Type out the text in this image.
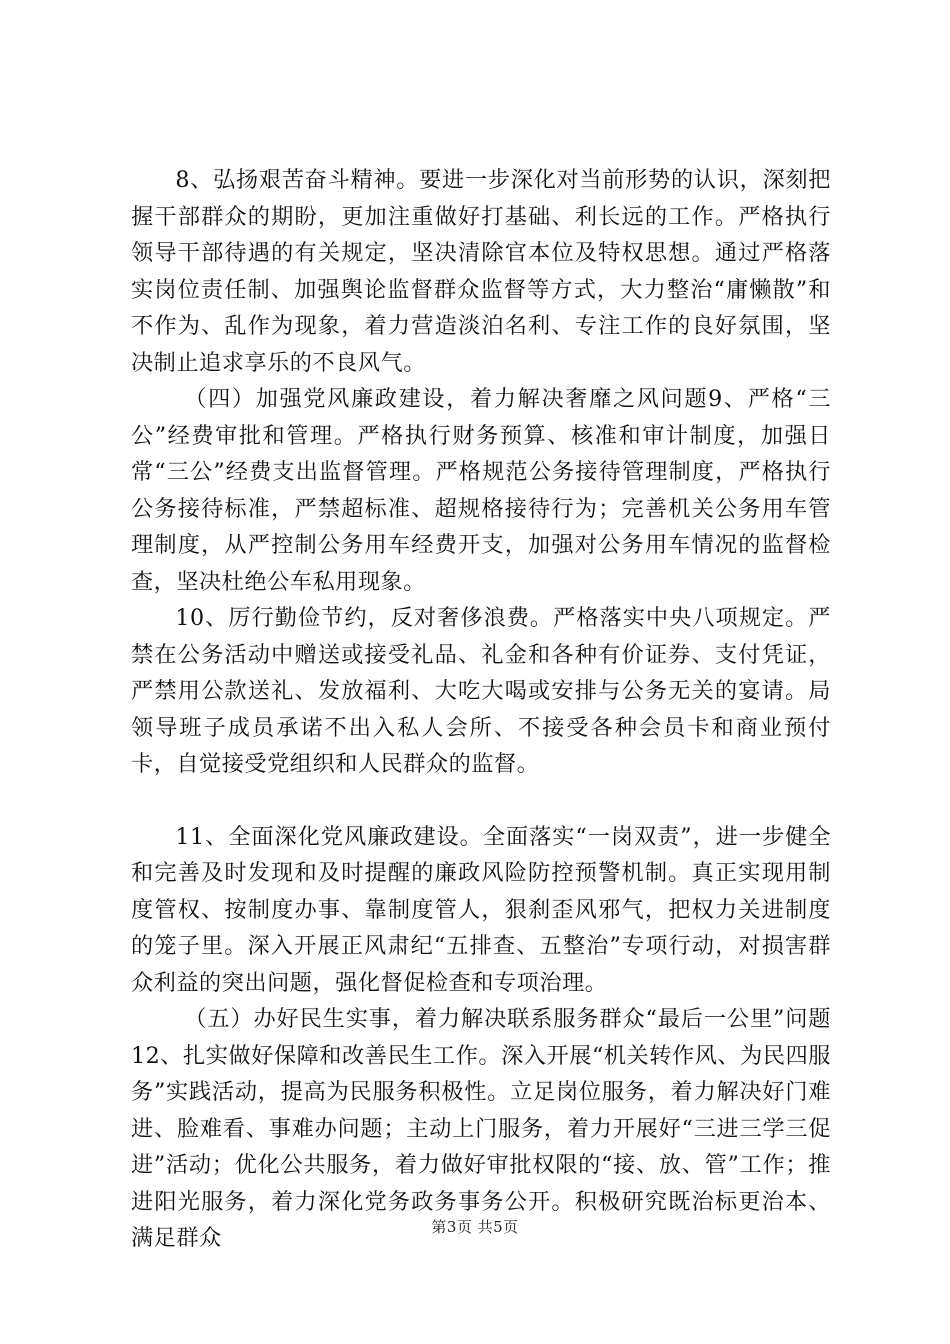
8、弘扬艰苦奋斗精神。要进一步深化对当前形势的认识，深刻把握干部群众的期盼，更加注重做好打基础、利长远的工作。严格执行领导干部待遇的有关规定，坚决清除官本位及特权思想。通过严格落实岗位责任制、加强舆论监督群众监督等方式，大力整治“庸懒散”和不作为、乱作为现象，着力营造淡泊名利、专注工作的良好氛围，坚决制止追求享乐的不良风气。

（四）加强党风廉政建设，着力解决奢靡之风问题9、严格“三公”经费审批和管理。严格执行财务预算、核准和审计制度，加强日常“三公”经费支出监督管理。严格规范公务接待管理制度，严格执行公务接待标准，严禁超标准、超规格接待行为；完善机关公务用车管理制度，从严控制公务用车经费开支，加强对公务用车情况的监督检查，坚决杜绝公车私用现象。

10、厉行勤俭节约，反对奢侈浪费。严格落实中央八项规定。严禁在公务活动中赠送或接受礼品、礼金和各种有价证券、支付凭证，严禁用公款送礼、发放福利、大吃大喝或安排与公务无关的宴请。局领导班子成员承诺不出入私人会所、不接受各种会员卡和商业预付卡，自觉接受党组织和人民群众的监督。

11、全面深化党风廉政建设。全面落实“一岗双责”，进一步健全和完善及时发现和及时提醒的廉政风险防控预警机制。真正实现用制度管权、按制度办事、靠制度管人，狠刹歪风邪气，把权力关进制度的笼子里。深入开展正风肃纪“五排查、五整治”专项行动，对损害群众利益的突出问题，强化督促检查和专项治理。

（五）办好民生实事，着力解决联系服务群众“最后一公里”问题12、扎实做好保障和改善民生工作。深入开展“机关转作风、为民四服务”实践活动，提高为民服务积极性。立足岗位服务，着力解决好门难进、脸难看、事难办问题；主动上门服务，着力开展好“三进三学三促进”活动；优化公共服务，着力做好审批权限的“接、放、管”工作；推进阳光服务，着力深化党务政务事务公开。积极研究既治标更治本、满足群众	第3页 共5页
